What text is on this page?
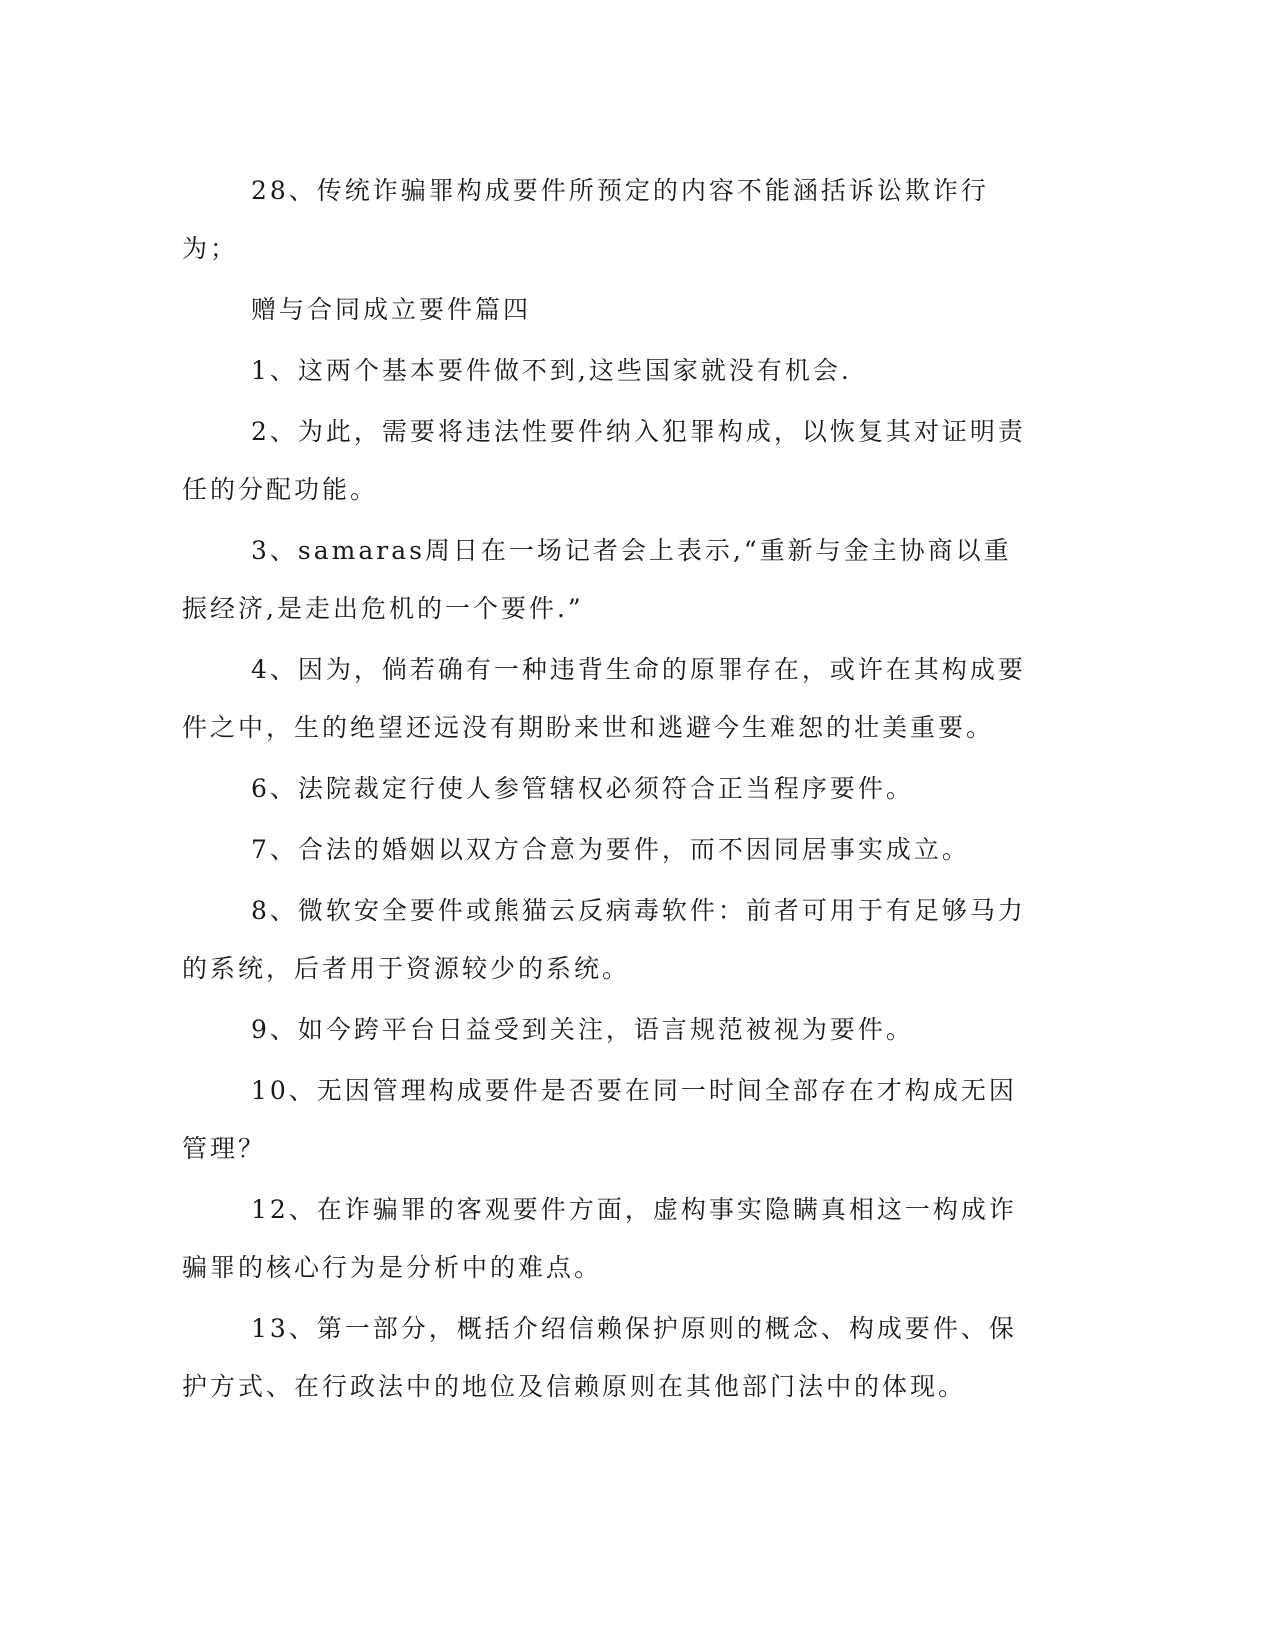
28、传统诈骗罪构成要件所预定的内容不能涵括诉讼欺诈行为；

赠与合同成立要件篇四

1、这两个基本要件做不到,这些国家就没有机会.

2、为此，需要将违法性要件纳入犯罪构成，以恢复其对证明责任的分配功能。

3、samaras周日在一场记者会上表示,“重新与金主协商以重振经济,是走出危机的一个要件.”

4、因为，倘若确有一种违背生命的原罪存在，或许在其构成要件之中，生的绝望还远没有期盼来世和逃避今生难恕的壮美重要。

6、法院裁定行使人参管辖权必须符合正当程序要件。

7、合法的婚姻以双方合意为要件，而不因同居事实成立。

8、微软安全要件或熊猫云反病毒软件：前者可用于有足够马力的系统，后者用于资源较少的系统。

9、如今跨平台日益受到关注，语言规范被视为要件。

10、无因管理构成要件是否要在同一时间全部存在才构成无因管理？

12、在诈骗罪的客观要件方面，虚构事实隐瞒真相这一构成诈骗罪的核心行为是分析中的难点。

13、第一部分，概括介绍信赖保护原则的概念、构成要件、保护方式、在行政法中的地位及信赖原则在其他部门法中的体现。
